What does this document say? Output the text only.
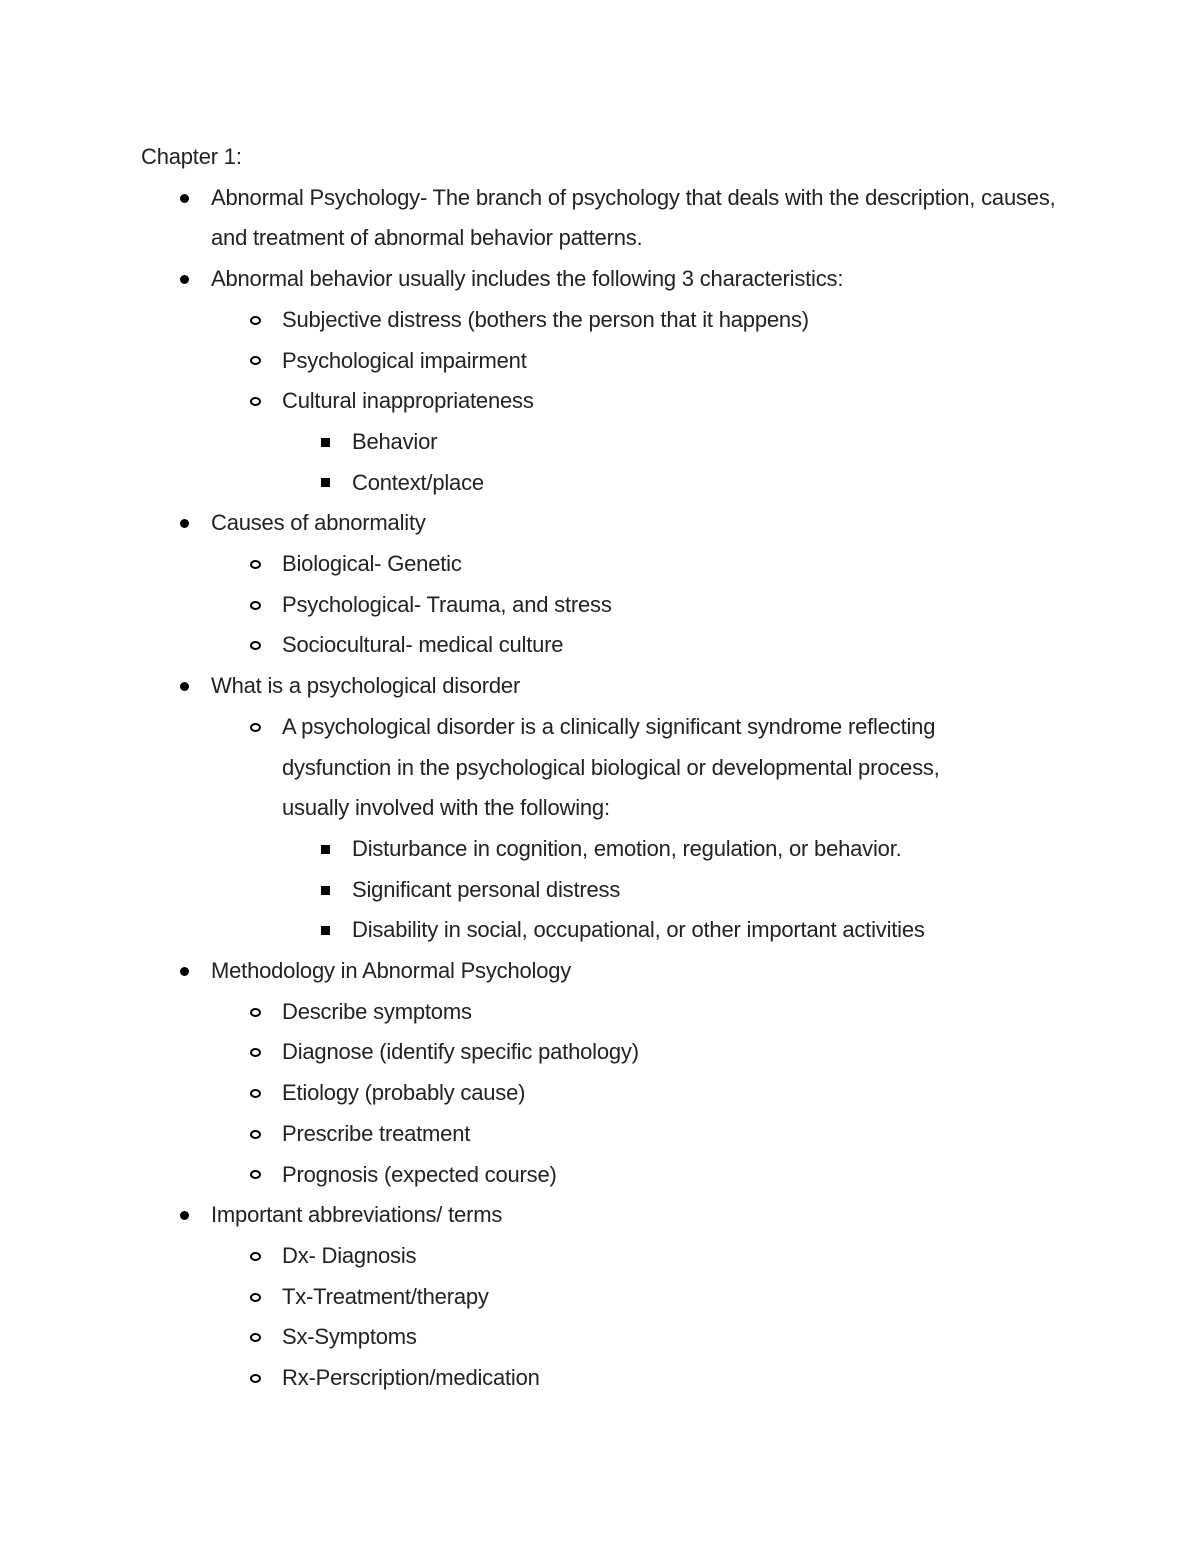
Chapter 1:

Abnormal Psychology- The branch of psychology that deals with the description, causes, and treatment of abnormal behavior patterns.
Abnormal behavior usually includes the following 3 characteristics:
Subjective distress (bothers the person that it happens)
Psychological impairment
Cultural inappropriateness
Behavior
Context/place
Causes of abnormality
Biological- Genetic
Psychological- Trauma, and stress
Sociocultural- medical culture
What is a psychological disorder
A psychological disorder is a clinically significant syndrome reflecting dysfunction in the psychological biological or developmental process, usually involved with the following:
Disturbance in cognition, emotion, regulation, or behavior.
Significant personal distress
Disability in social, occupational, or other important activities
Methodology in Abnormal Psychology
Describe symptoms
Diagnose (identify specific pathology)
Etiology (probably cause)
Prescribe treatment
Prognosis (expected course)
Important abbreviations/ terms
Dx- Diagnosis
Tx-Treatment/therapy
Sx-Symptoms
Rx-Perscription/medication
